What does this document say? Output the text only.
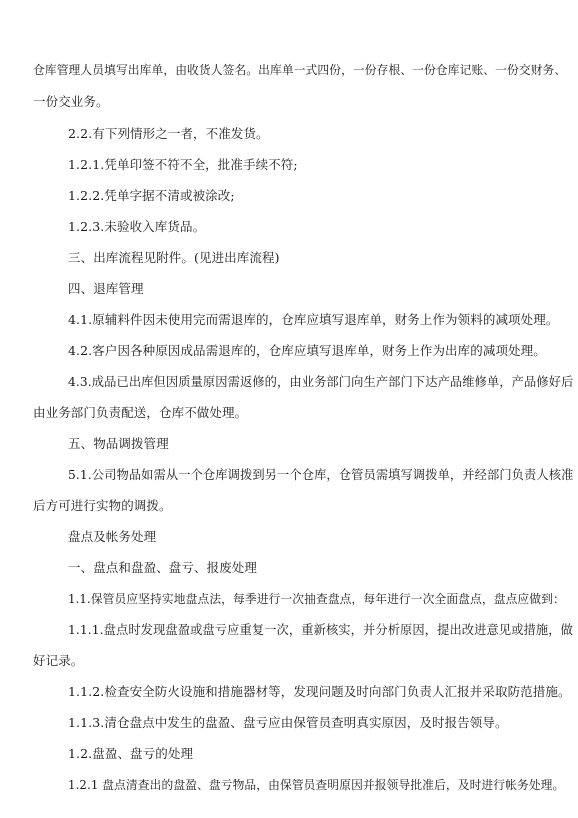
仓库管理人员填写出库单，由收货人签名。出库单一式四份，一份存根、一份仓库记账、一份交财务、
一份交业务。
2.2.有下列情形之一者，不准发货。
1.2.1.凭单印签不符不全，批准手续不符;
1.2.2.凭单字据不清或被涂改;
1.2.3.未验收入库货品。
三、出库流程见附件。(见进出库流程)
四、退库管理
4.1.原辅料件因未使用完而需退库的，仓库应填写退库单，财务上作为领料的减项处理。
4.2.客户因各种原因成品需退库的，仓库应填写退库单，财务上作为出库的减项处理。
4.3.成品已出库但因质量原因需返修的，由业务部门向生产部门下达产品维修单，产品修好后
由业务部门负责配送，仓库不做处理。
五、物品调拨管理
5.1.公司物品如需从一个仓库调拨到另一个仓库，仓管员需填写调拨单，并经部门负责人核准
后方可进行实物的调拨。
盘点及帐务处理
一、盘点和盘盈、盘亏、报废处理
1.1.保管员应坚持实地盘点法，每季进行一次抽查盘点，每年进行一次全面盘点，盘点应做到：
1.1.1.盘点时发现盘盈或盘亏应重复一次，重新核实，并分析原因，提出改进意见或措施，做
好记录。
1.1.2.检查安全防火设施和措施器材等，发现问题及时向部门负责人汇报并采取防范措施。
1.1.3.清仓盘点中发生的盘盈、盘亏应由保管员查明真实原因，及时报告领导。
1.2.盘盈、盘亏的处理
1.2.1 盘点清查出的盘盈、盘亏物品，由保管员查明原因并报领导批准后，及时进行帐务处理。
